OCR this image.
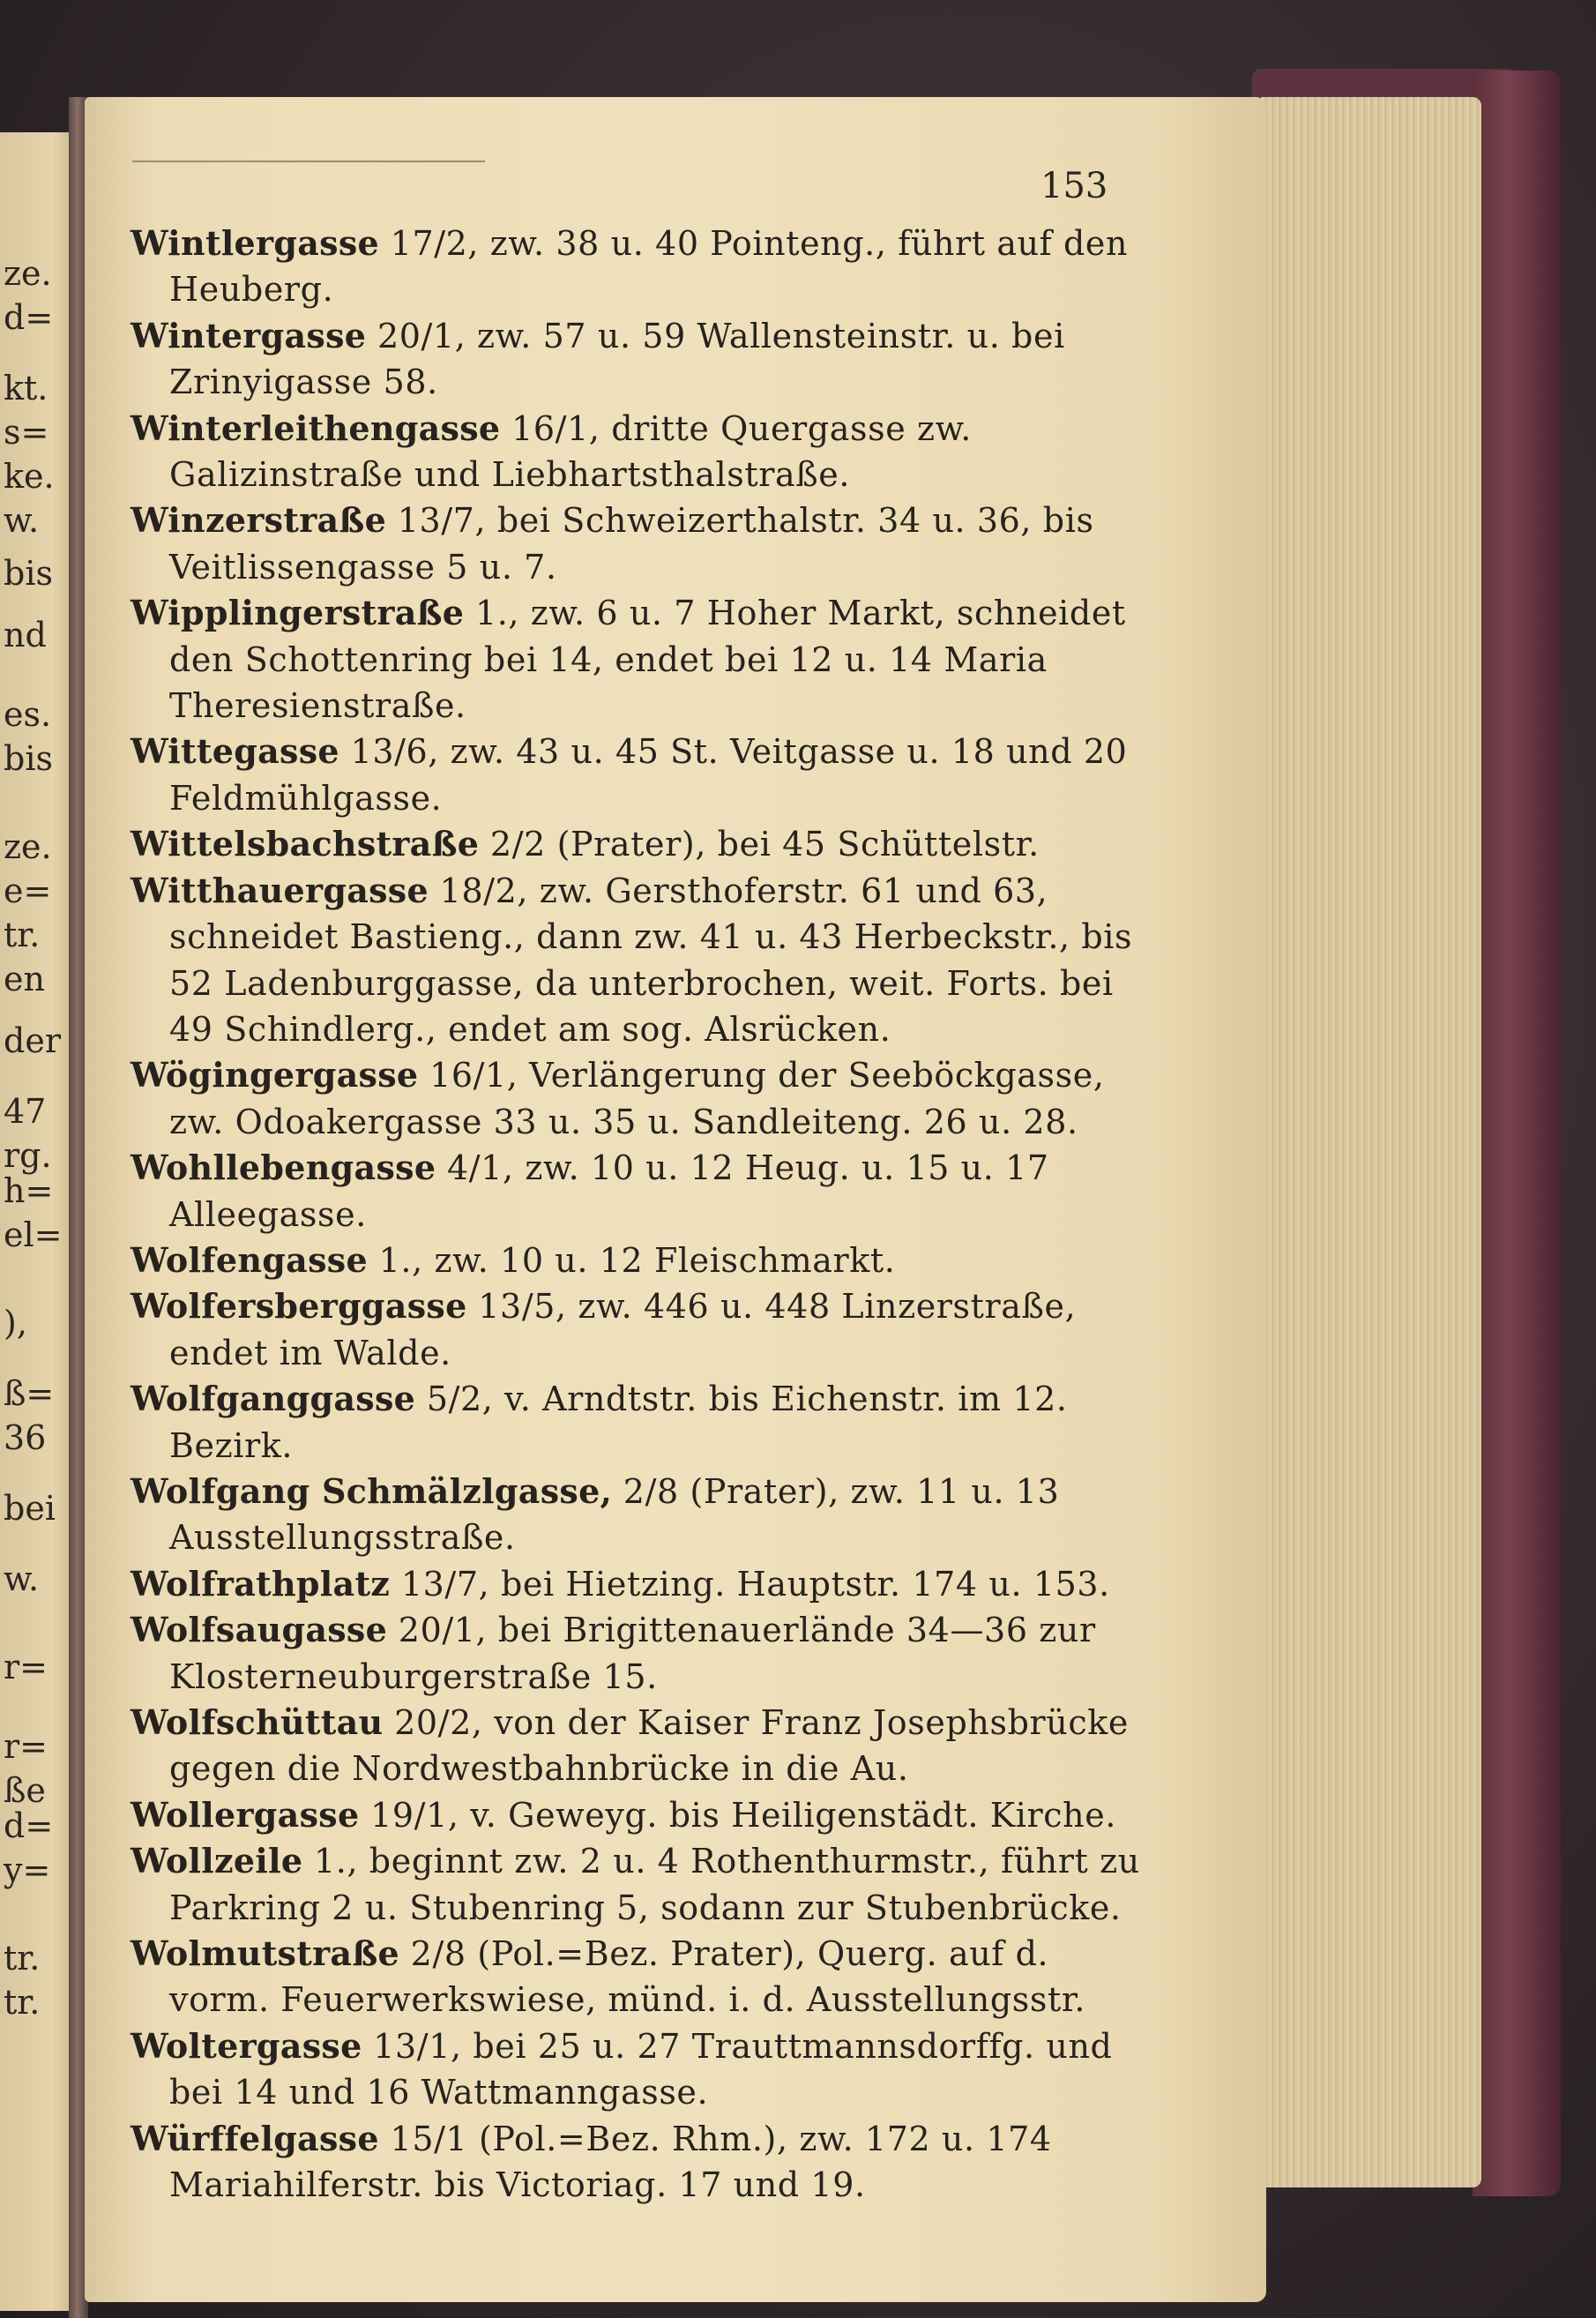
ze.
d=
kt.
s=
ke.
w.
bis
nd
es.
bis
ze.
e=
tr.
en
der
47
rg.
h=
el=
),
ß=
36
bei
w.
r=
r=
ße
d=
y=
tr.
tr.
153

Wintlergasse 17/2, zw. 38 u. 40 Pointeng., führt auf den Heuberg.

Wintergasse 20/1, zw. 57 u. 59 Wallensteinstr. u. bei Zrinyigasse 58.

Winterleithengasse 16/1, dritte Quergasse zw. Galizinstraße und Liebhartsthalstraße.

Winzerstraße 13/7, bei Schweizerthalstr. 34 u. 36, bis Veitlissengasse 5 u. 7.

Wipplingerstraße 1., zw. 6 u. 7 Hoher Markt, schneidet den Schottenring bei 14, endet bei 12 u. 14 Maria Theresienstraße.

Wittegasse 13/6, zw. 43 u. 45 St. Veitgasse u. 18 und 20 Feldmühlgasse.

Wittelsbachstraße 2/2 (Prater), bei 45 Schüttelstr.

Witthauergasse 18/2, zw. Gersthoferstr. 61 und 63, schneidet Bastieng., dann zw. 41 u. 43 Herbeckstr., bis 52 Ladenburggasse, da unterbrochen, weit. Forts. bei 49 Schindlerg., endet am sog. Alsrücken.

Wögingergasse 16/1, Verlängerung der Seeböckgasse, zw. Odoakergasse 33 u. 35 u. Sandleiteng. 26 u. 28.

Wohllebengasse 4/1, zw. 10 u. 12 Heug. u. 15 u. 17 Alleegasse.

Wolfengasse 1., zw. 10 u. 12 Fleischmarkt.

Wolfersberggasse 13/5, zw. 446 u. 448 Linzerstraße, endet im Walde.

Wolfganggasse 5/2, v. Arndtstr. bis Eichenstr. im 12. Bezirk.

Wolfgang Schmälzlgasse, 2/8 (Prater), zw. 11 u. 13 Ausstellungsstraße.

Wolfrathplatz 13/7, bei Hietzing. Hauptstr. 174 u. 153.

Wolfsaugasse 20/1, bei Brigittenauerlände 34—36 zur Klosterneuburgerstraße 15.

Wolfschüttau 20/2, von der Kaiser Franz Josephsbrücke gegen die Nordwestbahnbrücke in die Au.

Wollergasse 19/1, v. Geweyg. bis Heiligenstädt. Kirche.

Wollzeile 1., beginnt zw. 2 u. 4 Rothenthurmstr., führt zu Parkring 2 u. Stubenring 5, sodann zur Stubenbrücke.

Wolmutstraße 2/8 (Pol.=Bez. Prater), Querg. auf d. vorm. Feuerwerkswiese, münd. i. d. Ausstellungsstr.

Woltergasse 13/1, bei 25 u. 27 Trauttmannsdorffg. und bei 14 und 16 Wattmanngasse.

Würffelgasse 15/1 (Pol.=Bez. Rhm.), zw. 172 u. 174 Mariahilferstr. bis Victoriag. 17 und 19.
